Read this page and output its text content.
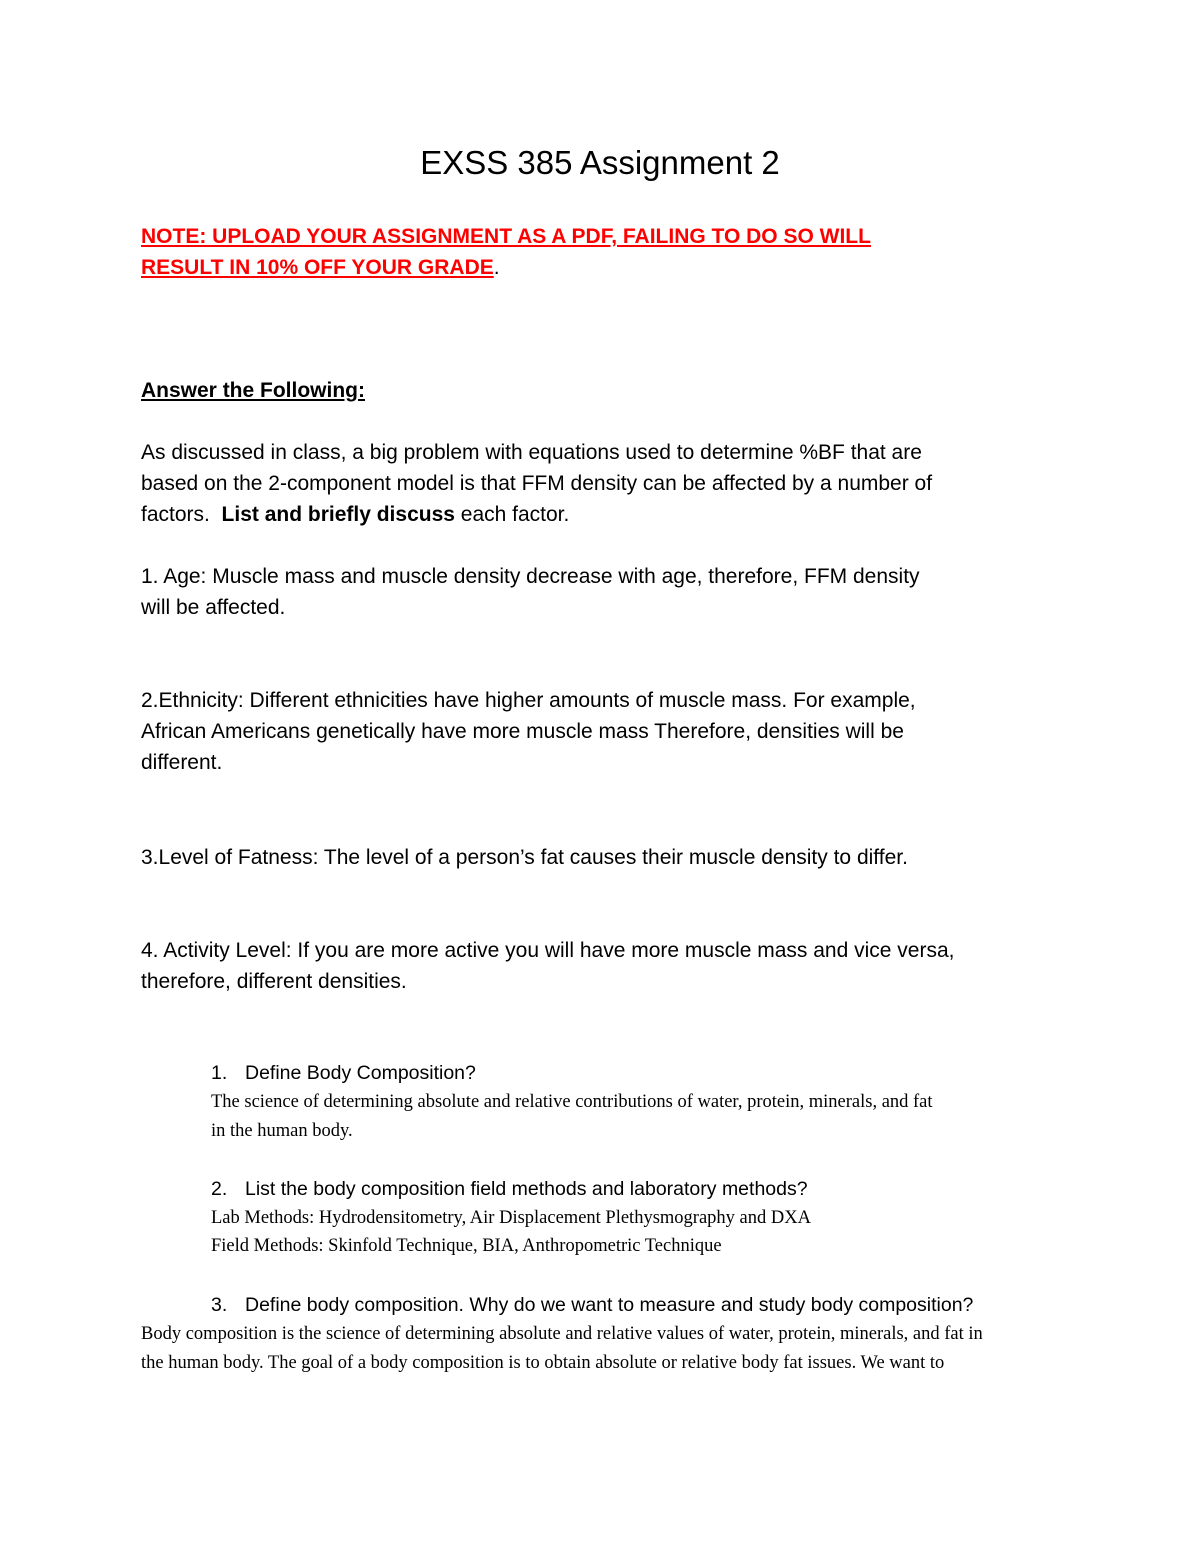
EXSS 385 Assignment 2

NOTE: UPLOAD YOUR ASSIGNMENT AS A PDF, FAILING TO DO SO WILL

RESULT IN 10% OFF YOUR GRADE.

Answer the Following:

As discussed in class, a big problem with equations used to determine %BF that are

based on the 2-component model is that FFM density can be affected by a number of

factors.  List and briefly discuss each factor.

1. Age: Muscle mass and muscle density decrease with age, therefore, FFM density

will be affected.

2.Ethnicity: Different ethnicities have higher amounts of muscle mass. For example,

African Americans genetically have more muscle mass Therefore, densities will be

different.

3.Level of Fatness: The level of a person’s fat causes their muscle density to differ.

4. Activity Level: If you are more active you will have more muscle mass and vice versa,

therefore, different densities.

1. Define Body Composition?

The science of determining absolute and relative contributions of water, protein, minerals, and fat

in the human body.

2. List the body composition field methods and laboratory methods?

Lab Methods: Hydrodensitometry, Air Displacement Plethysmography and DXA

Field Methods: Skinfold Technique, BIA, Anthropometric Technique

3. Define body composition. Why do we want to measure and study body composition?

Body composition is the science of determining absolute and relative values of water, protein, minerals, and fat in

the human body. The goal of a body composition is to obtain absolute or relative body fat issues. We want to
